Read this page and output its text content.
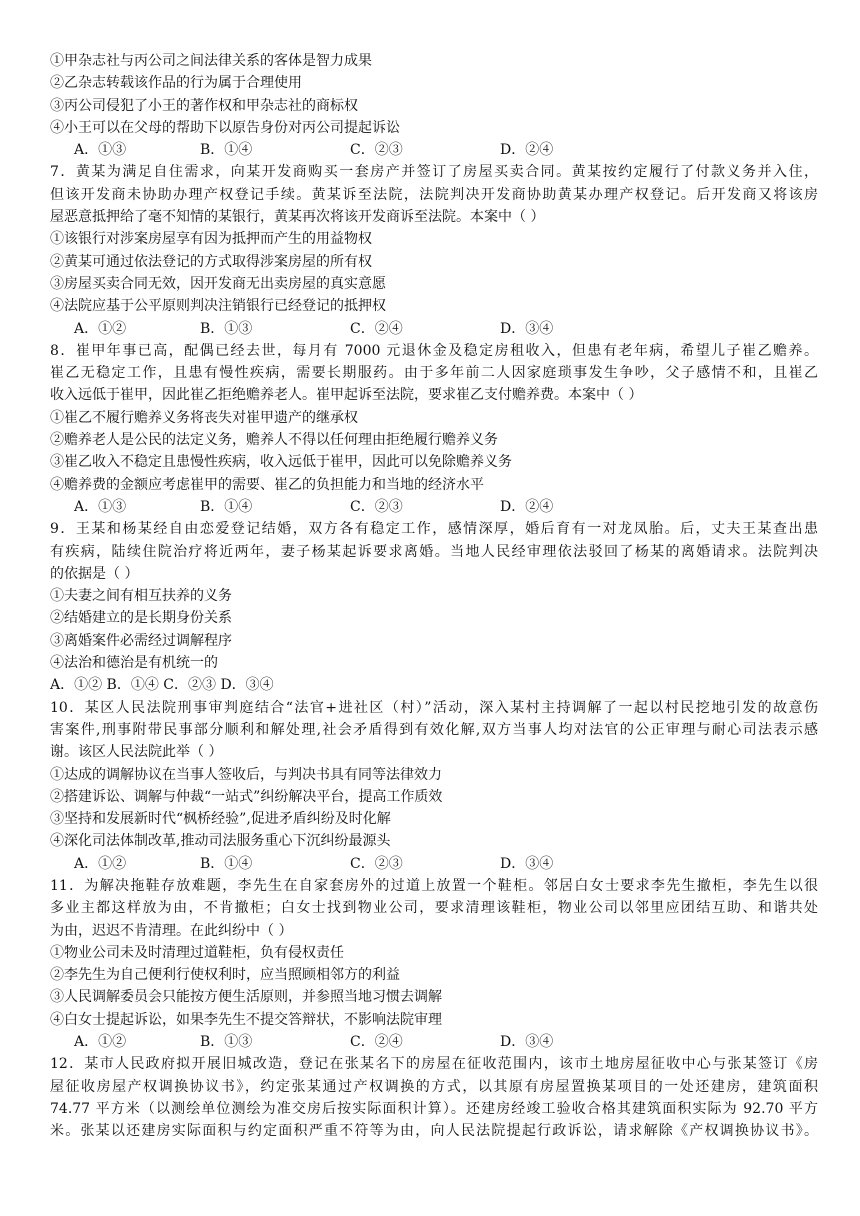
①甲杂志社与丙公司之间法律关系的客体是智力成果
②乙杂志转载该作品的行为属于合理使用
③丙公司侵犯了小王的著作权和甲杂志社的商标权
④小王可以在父母的帮助下以原告身份对丙公司提起诉讼
A．①③	B．①④	C．②③	D．②④
7．黄某为满足自住需求，向某开发商购买一套房产并签订了房屋买卖合同。黄某按约定履行了付款义务并入住，
但该开发商未协助办理产权登记手续。黄某诉至法院，法院判决开发商协助黄某办理产权登记。后开发商又将该房
屋恶意抵押给了毫不知情的某银行，黄某再次将该开发商诉至法院。本案中（ ）
①该银行对涉案房屋享有因为抵押而产生的用益物权
②黄某可通过依法登记的方式取得涉案房屋的所有权
③房屋买卖合同无效，因开发商无出卖房屋的真实意愿
④法院应基于公平原则判决注销银行已经登记的抵押权
A．①②	B．①③	C．②④	D．③④
8．崔甲年事已高，配偶已经去世，每月有 7000 元退休金及稳定房租收入，但患有老年病，希望儿子崔乙赡养。
崔乙无稳定工作，且患有慢性疾病，需要长期服药。由于多年前二人因家庭琐事发生争吵，父子感情不和，且崔乙
收入远低于崔甲，因此崔乙拒绝赡养老人。崔甲起诉至法院，要求崔乙支付赡养费。本案中（ ）
①崔乙不履行赡养义务将丧失对崔甲遗产的继承权
②赡养老人是公民的法定义务，赡养人不得以任何理由拒绝履行赡养义务
③崔乙收入不稳定且患慢性疾病，收入远低于崔甲，因此可以免除赡养义务
④赡养费的金额应考虑崔甲的需要、崔乙的负担能力和当地的经济水平
A．①③	B．①④	C．②③	D．②④
9．王某和杨某经自由恋爱登记结婚，双方各有稳定工作，感情深厚，婚后育有一对龙凤胎。后，丈夫王某查出患
有疾病，陆续住院治疗将近两年，妻子杨某起诉要求离婚。当地人民经审理依法驳回了杨某的离婚请求。法院判决
的依据是（ ）
①夫妻之间有相互扶养的义务
②结婚建立的是长期身份关系
③离婚案件必需经过调解程序
④法治和德治是有机统一的
A．①② B．①④ C．②③ D．③④
10．某区人民法院刑事审判庭结合“法官+进社区（村）”活动，深入某村主持调解了一起以村民挖地引发的故意伤
害案件,刑事附带民事部分顺利和解处理,社会矛盾得到有效化解,双方当事人均对法官的公正审理与耐心司法表示感
谢。该区人民法院此举（ ）
①达成的调解协议在当事人签收后，与判决书具有同等法律效力
②搭建诉讼、调解与仲裁“一站式”纠纷解决平台，提高工作质效
③坚持和发展新时代“枫桥经验”,促进矛盾纠纷及时化解
④深化司法体制改革,推动司法服务重心下沉纠纷最源头
A．①②	B．①④	C．②③	D．③④
11．为解决拖鞋存放难题，李先生在自家套房外的过道上放置一个鞋柜。邻居白女士要求李先生撤柜，李先生以很
多业主都这样放为由，不肯撤柜；白女士找到物业公司，要求清理该鞋柜，物业公司以邻里应团结互助、和谐共处
为由，迟迟不肯清理。在此纠纷中（ ）
①物业公司未及时清理过道鞋柜，负有侵权责任
②李先生为自己便利行使权利时，应当照顾相邻方的利益
③人民调解委员会只能按方便生活原则，并参照当地习惯去调解
④白女士提起诉讼，如果李先生不提交答辩状，不影响法院审理
A．①②	B．①③	C．②④	D．③④
12．某市人民政府拟开展旧城改造，登记在张某名下的房屋在征收范围内，该市土地房屋征收中心与张某签订《房
屋征收房屋产权调换协议书》，约定张某通过产权调换的方式，以其原有房屋置换某项目的一处还建房，建筑面积
74.77 平方米（以测绘单位测绘为准交房后按实际面积计算）。还建房经竣工验收合格其建筑面积实际为 92.70 平方
米。张某以还建房实际面积与约定面积严重不符等为由，向人民法院提起行政诉讼，请求解除《产权调换协议书》。
